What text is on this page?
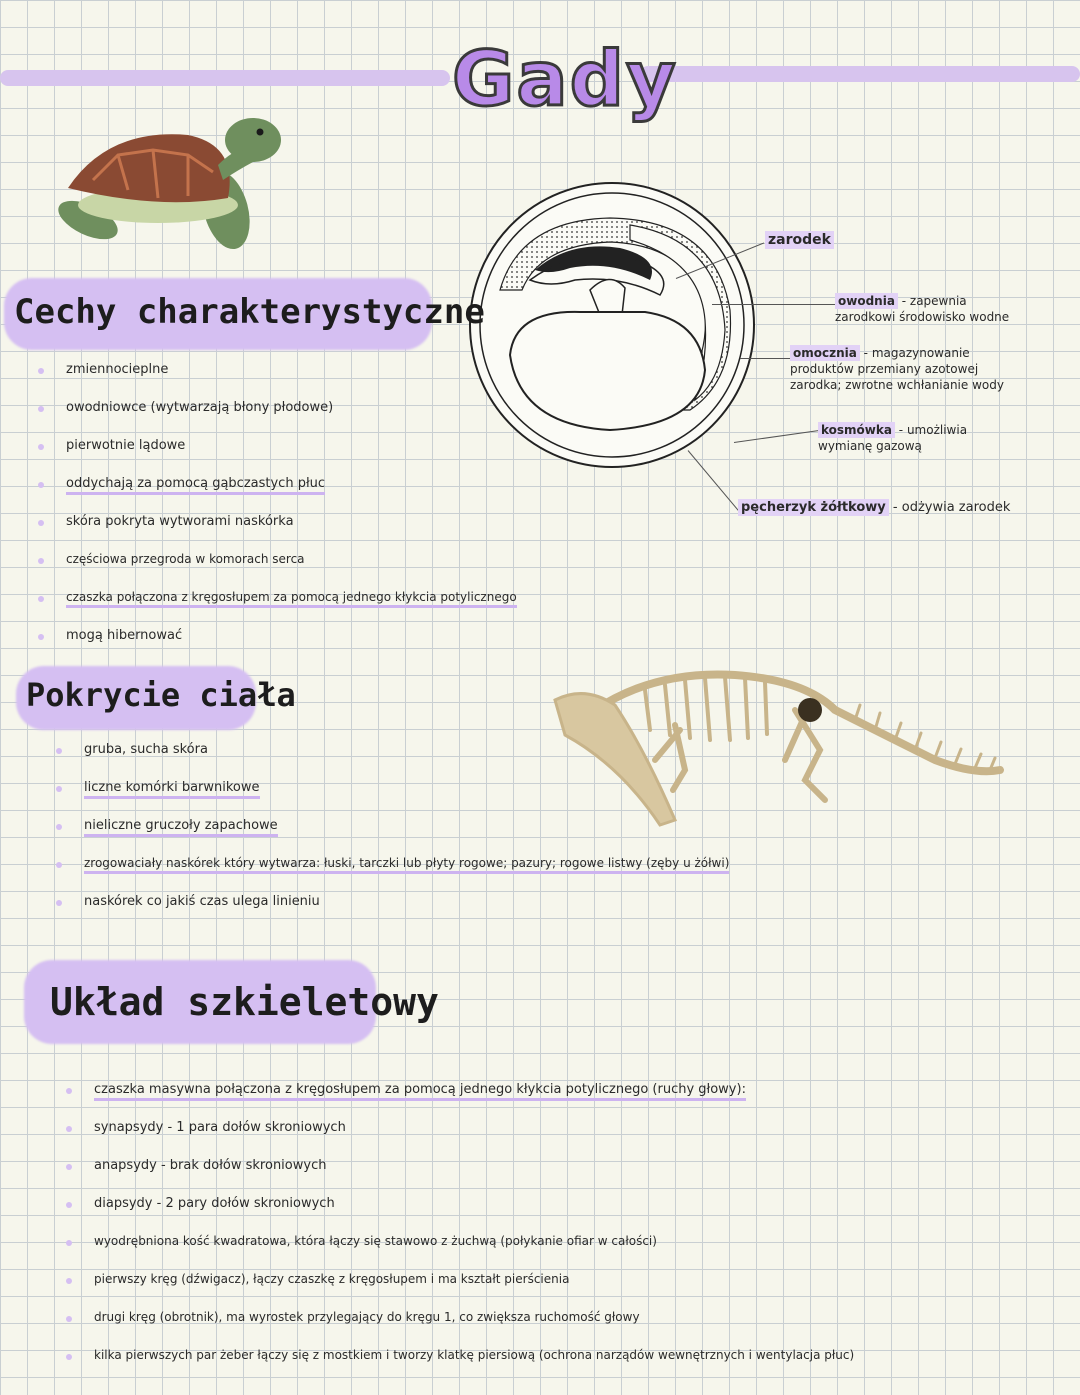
Gady
zarodek
owodnia - zapewnia zarodkowi środowisko wodne
omocznia - magazynowanie produktów przemiany azotowej zarodka; zwrotne wchłanianie wody
kosmówka - umożliwia wymianę gazową
pęcherzyk żółtkowy - odżywia zarodek
Cechy charakterystyczne
zmiennocieplne
owodniowce (wytwarzają błony płodowe)
pierwotnie lądowe
oddychają za pomocą gąbczastych płuc
skóra pokryta wytworami naskórka
częściowa przegroda w komorach serca
czaszka połączona z kręgosłupem za pomocą jednego kłykcia potylicznego
mogą hibernować
Pokrycie ciała
gruba, sucha skóra
liczne komórki barwnikowe
nieliczne gruczoły zapachowe
zrogowaciały naskórek który wytwarza: łuski, tarczki lub płyty rogowe; pazury; rogowe listwy (zęby u żółwi)
naskórek co jakiś czas ulega linieniu
Układ szkieletowy
czaszka masywna połączona z kręgosłupem za pomocą jednego kłykcia potylicznego (ruchy głowy):
synapsydy - 1 para dołów skroniowych
anapsydy - brak dołów skroniowych
diapsydy - 2 pary dołów skroniowych
wyodrębniona kość kwadratowa, która łączy się stawowo z żuchwą (połykanie ofiar w całości)
pierwszy kręg (dźwigacz), łączy czaszkę z kręgosłupem i ma kształt pierścienia
drugi kręg (obrotnik), ma wyrostek przylegający do kręgu 1, co zwiększa ruchomość głowy
kilka pierwszych par żeber łączy się z mostkiem i tworzy klatkę piersiową (ochrona narządów wewnętrznych i wentylacja płuc)
